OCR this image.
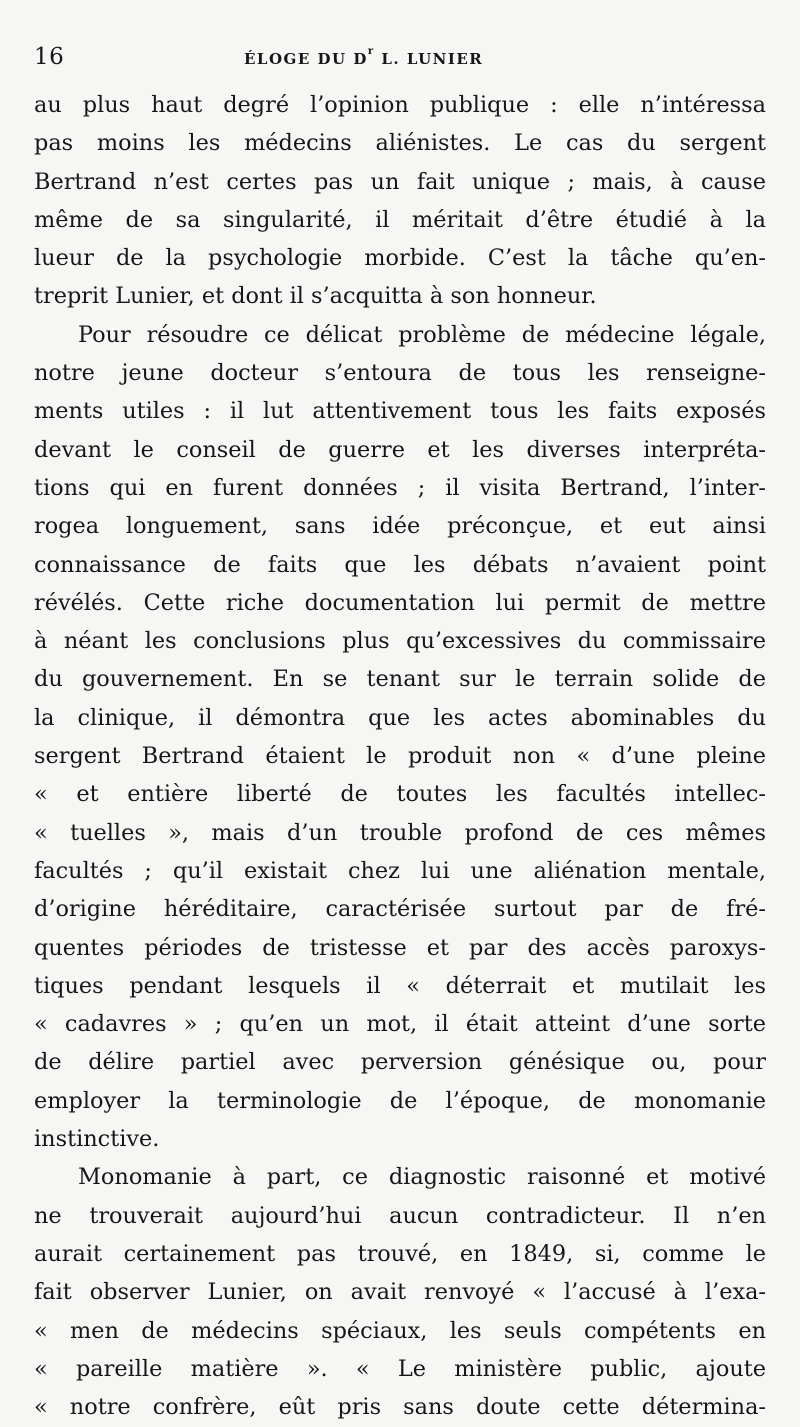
16	ÉLOGE DU $D^r$ L. LUNIER
au plus haut degré l’opinion publique : elle n’intéressa
pas moins les médecins aliénistes. Le cas du sergent
Bertrand n’est certes pas un fait unique ; mais, à cause
même de sa singularité, il méritait d’être étudié à la
lueur de la psychologie morbide. C’est la tâche qu’en-
treprit Lunier, et dont il s’acquitta à son honneur.
Pour résoudre ce délicat problème de médecine légale,
notre jeune docteur s’entoura de tous les renseigne-
ments utiles : il lut attentivement tous les faits exposés
devant le conseil de guerre et les diverses interpréta-
tions qui en furent données ; il visita Bertrand, l’inter-
rogea longuement, sans idée préconçue, et eut ainsi
connaissance de faits que les débats n’avaient point
révélés. Cette riche documentation lui permit de mettre
à néant les conclusions plus qu’excessives du commissaire
du gouvernement. En se tenant sur le terrain solide de
la clinique, il démontra que les actes abominables du
sergent Bertrand étaient le produit non « d’une pleine
« et entière liberté de toutes les facultés intellec-
« tuelles », mais d’un trouble profond de ces mêmes
facultés ; qu’il existait chez lui une aliénation mentale,
d’origine héréditaire, caractérisée surtout par de fré-
quentes périodes de tristesse et par des accès paroxys-
tiques pendant lesquels il « déterrait et mutilait les
« cadavres » ; qu’en un mot, il était atteint d’une sorte
de délire partiel avec perversion génésique ou, pour
employer la terminologie de l’époque, de monomanie
instinctive.
Monomanie à part, ce diagnostic raisonné et motivé
ne trouverait aujourd’hui aucun contradicteur. Il n’en
aurait certainement pas trouvé, en 1849, si, comme le
fait observer Lunier, on avait renvoyé « l’accusé à l’exa-
« men de médecins spéciaux, les seuls compétents en
« pareille matière ». « Le ministère public, ajoute
« notre confrère, eût pris sans doute cette détermina-
